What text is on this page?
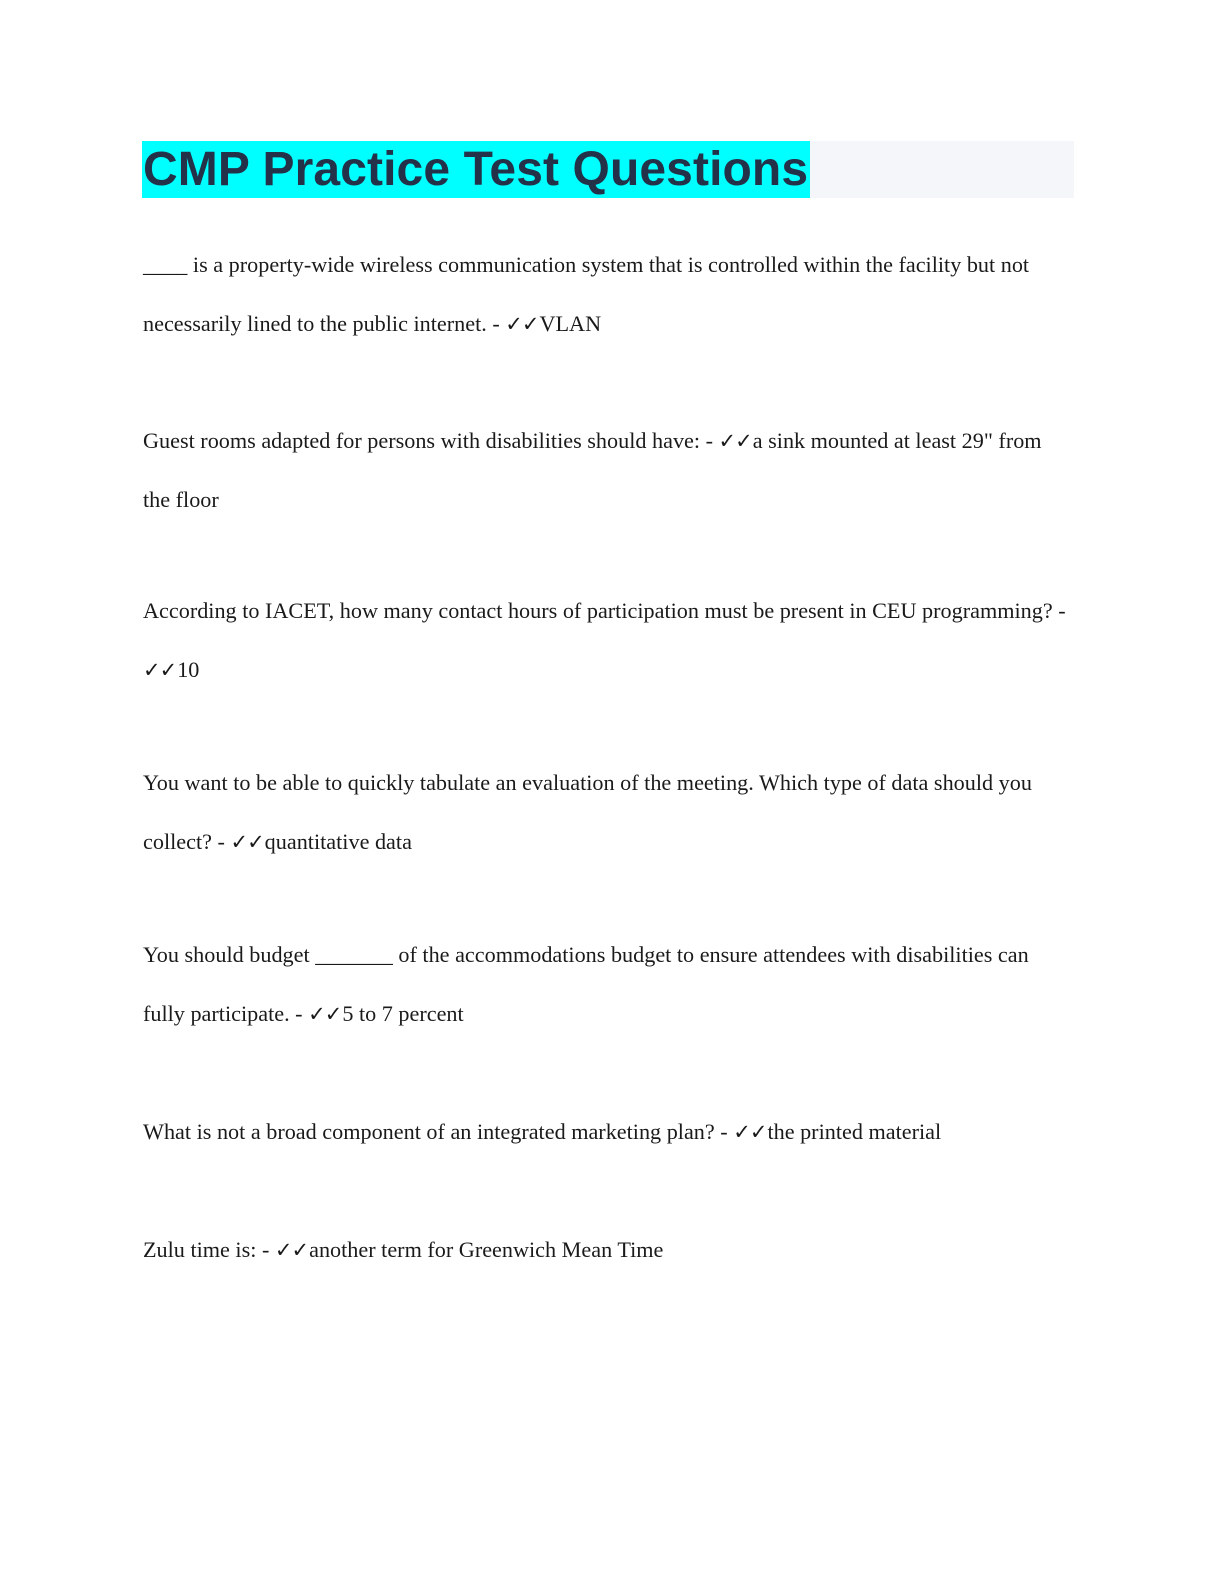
CMP Practice Test Questions

____ is a property-wide wireless communication system that is controlled within the facility but not necessarily lined to the public internet. - ✓✓VLAN

Guest rooms adapted for persons with disabilities should have: - ✓✓a sink mounted at least 29" from the floor

According to IACET, how many contact hours of participation must be present in CEU programming? - ✓✓10

You want to be able to quickly tabulate an evaluation of the meeting. Which type of data should you collect? - ✓✓quantitative data

You should budget _______ of the accommodations budget to ensure attendees with disabilities can fully participate. - ✓✓5 to 7 percent

What is not a broad component of an integrated marketing plan? - ✓✓the printed material

Zulu time is: - ✓✓another term for Greenwich Mean Time
